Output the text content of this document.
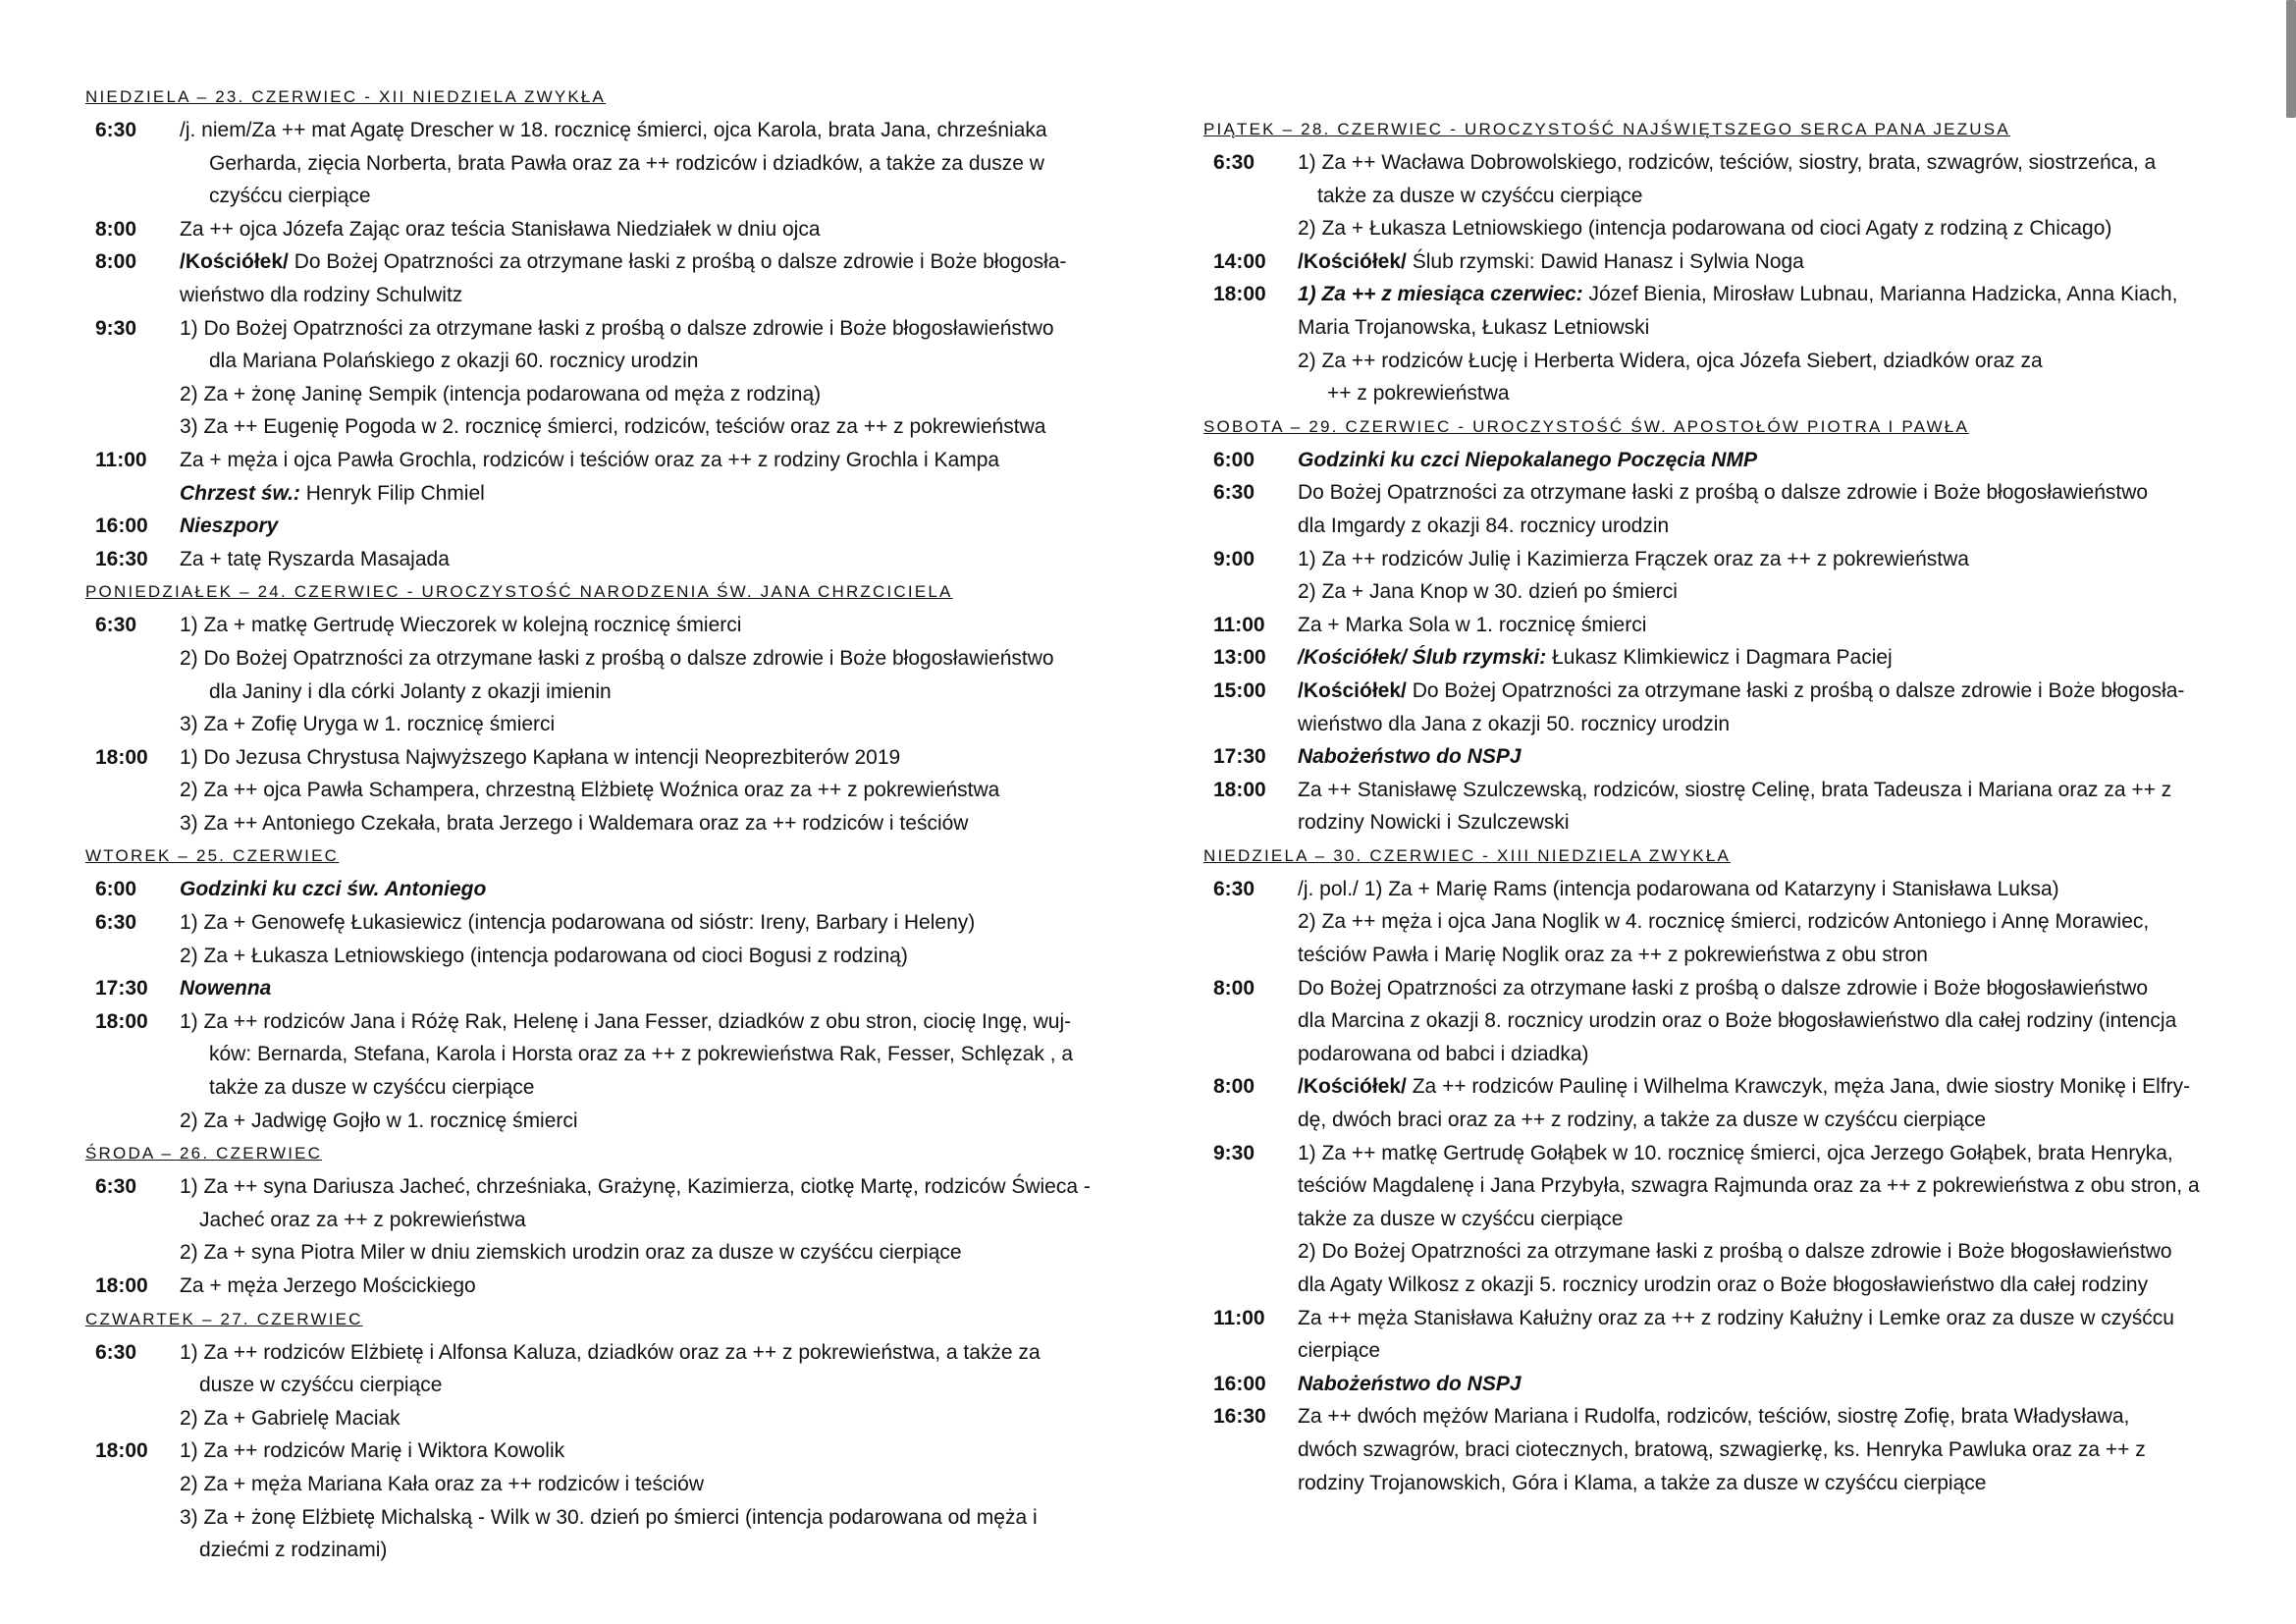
NIEDZIELA – 23. CZERWIEC - XII NIEDZIELA ZWYKŁA
6:30	/j. niem/Za ++ mat Agatę Drescher w 18. rocznicę śmierci, ojca Karola, brata Jana, chrześniaka
Gerharda, zięcia Norberta, brata Pawła oraz za ++ rodziców i dziadków, a także za dusze w
czyśćcu cierpiące
8:00	Za ++ ojca Józefa Zając oraz teścia Stanisława Niedziałek w dniu ojca
8:00	/Kościółek/ Do Bożej Opatrzności za otrzymane łaski z prośbą o dalsze zdrowie i Boże błogosła-
wieństwo dla rodziny Schulwitz
9:30	1) Do Bożej Opatrzności za otrzymane łaski z prośbą o dalsze zdrowie i Boże błogosławieństwo
dla Mariana Polańskiego z okazji 60. rocznicy urodzin
2) Za + żonę Janinę Sempik (intencja podarowana od męża z rodziną)
3) Za ++ Eugenię Pogoda w 2. rocznicę śmierci, rodziców, teściów oraz za ++ z pokrewieństwa
11:00	Za + męża i ojca Pawła Grochla, rodziców i teściów oraz za ++ z rodziny Grochla i Kampa
Chrzest św.: Henryk Filip Chmiel
16:00	Nieszpory
16:30	Za + tatę Ryszarda Masajada
PONIEDZIAŁEK – 24. CZERWIEC - UROCZYSTOŚĆ NARODZENIA ŚW. JANA CHRZCICIELA
6:30	1) Za + matkę Gertrudę Wieczorek w kolejną rocznicę śmierci
2) Do Bożej Opatrzności za otrzymane łaski z prośbą o dalsze zdrowie i Boże błogosławieństwo
dla Janiny i dla córki Jolanty z okazji imienin
3) Za + Zofię Uryga w 1. rocznicę śmierci
18:00	1) Do Jezusa Chrystusa Najwyższego Kapłana w intencji Neoprezbiterów 2019
2) Za ++ ojca Pawła Schampera, chrzestną Elżbietę Woźnica oraz za ++ z pokrewieństwa
3) Za ++ Antoniego Czekała, brata Jerzego i Waldemara oraz za ++ rodziców i teściów
WTOREK – 25. CZERWIEC
6:00	Godzinki ku czci św. Antoniego
6:30	1) Za + Genowefę Łukasiewicz (intencja podarowana od sióstr: Ireny, Barbary i Heleny)
2) Za + Łukasza Letniowskiego (intencja podarowana od cioci Bogusi z rodziną)
17:30	Nowenna
18:00	1) Za ++ rodziców Jana i Różę Rak, Helenę i Jana Fesser, dziadków z obu stron, ciocię Ingę, wuj-
ków: Bernarda, Stefana, Karola i Horsta oraz za ++ z pokrewieństwa Rak, Fesser, Schlęzak , a
także za dusze w czyśćcu cierpiące
2) Za + Jadwigę Gojło w 1. rocznicę śmierci
ŚRODA – 26. CZERWIEC
6:30	1) Za ++ syna Dariusza Jacheć, chrześniaka, Grażynę, Kazimierza, ciotkę Martę, rodziców Świeca -
Jacheć oraz za ++ z pokrewieństwa
2) Za + syna Piotra Miler w dniu ziemskich urodzin oraz za dusze w czyśćcu cierpiące
18:00	Za + męża Jerzego Mościckiego
CZWARTEK – 27. CZERWIEC
6:30	1) Za ++ rodziców Elżbietę i Alfonsa Kaluza, dziadków oraz za ++ z pokrewieństwa, a także za
dusze w czyśćcu cierpiące
2) Za + Gabrielę Maciak
18:00	1) Za ++ rodziców Marię i Wiktora Kowolik
2) Za + męża Mariana Kała oraz za ++ rodziców i teściów
3) Za + żonę Elżbietę Michalską - Wilk w 30. dzień po śmierci (intencja podarowana od męża i
dziećmi z rodzinami)
PIĄTEK – 28. CZERWIEC - UROCZYSTOŚĆ NAJŚWIĘTSZEGO SERCA PANA JEZUSA
6:30	1) Za ++ Wacława Dobrowolskiego, rodziców, teściów, siostry, brata, szwagrów, siostrzeńca, a
także za dusze w czyśćcu cierpiące
2) Za + Łukasza Letniowskiego (intencja podarowana od cioci Agaty z rodziną z Chicago)
14:00	/Kościółek/ Ślub rzymski: Dawid Hanasz i Sylwia Noga
18:00	1) Za ++ z miesiąca czerwiec: Józef Bienia, Mirosław Lubnau, Marianna Hadzicka, Anna Kiach,
Maria Trojanowska, Łukasz Letniowski
2) Za ++ rodziców Łucję i Herberta Widera, ojca Józefa Siebert, dziadków oraz za
++ z pokrewieństwa
SOBOTA – 29. CZERWIEC - UROCZYSTOŚĆ ŚW. APOSTOŁÓW PIOTRA I PAWŁA
6:00	Godzinki ku czci Niepokalanego Poczęcia NMP
6:30	Do Bożej Opatrzności za otrzymane łaski z prośbą o dalsze zdrowie i Boże błogosławieństwo
dla Imgardy z okazji 84. rocznicy urodzin
9:00	1) Za ++ rodziców Julię i Kazimierza Frączek oraz za ++ z pokrewieństwa
2) Za + Jana Knop w 30. dzień po śmierci
11:00	Za + Marka Sola w 1. rocznicę śmierci
13:00	/Kościółek/ Ślub rzymski: Łukasz Klimkiewicz i Dagmara Paciej
15:00	/Kościółek/ Do Bożej Opatrzności za otrzymane łaski z prośbą o dalsze zdrowie i Boże błogosła-
wieństwo dla Jana z okazji 50. rocznicy urodzin
17:30	Nabożeństwo do NSPJ
18:00	Za ++ Stanisławę Szulczewską, rodziców, siostrę Celinę, brata Tadeusza i Mariana oraz za ++ z
rodziny Nowicki i Szulczewski
NIEDZIELA – 30. CZERWIEC - XIII NIEDZIELA ZWYKŁA
6:30	/j. pol./ 1) Za + Marię Rams (intencja podarowana od Katarzyny i Stanisława Luksa)
2) Za ++ męża i ojca Jana Noglik w 4. rocznicę śmierci, rodziców Antoniego i Annę Morawiec,
teściów Pawła i Marię Noglik oraz za ++ z pokrewieństwa z obu stron
8:00	Do Bożej Opatrzności za otrzymane łaski z prośbą o dalsze zdrowie i Boże błogosławieństwo
dla Marcina z okazji 8. rocznicy urodzin oraz o Boże błogosławieństwo dla całej rodziny (intencja
podarowana od babci i dziadka)
8:00	/Kościółek/ Za ++ rodziców Paulinę i Wilhelma Krawczyk, męża Jana, dwie siostry Monikę i Elfry-
dę, dwóch braci oraz za ++ z rodziny, a także za dusze w czyśćcu cierpiące
9:30	1) Za ++ matkę Gertrudę Gołąbek w 10. rocznicę śmierci, ojca Jerzego Gołąbek, brata Henryka,
teściów Magdalenę i Jana Przybyła, szwagra Rajmunda oraz za ++ z pokrewieństwa z obu stron, a
także za dusze w czyśćcu cierpiące
2) Do Bożej Opatrzności za otrzymane łaski z prośbą o dalsze zdrowie i Boże błogosławieństwo
dla Agaty Wilkosz z okazji 5. rocznicy urodzin oraz o Boże błogosławieństwo dla całej rodziny
11:00	Za ++ męża Stanisława Kałużny oraz za ++ z rodziny Kałużny i Lemke oraz za dusze w czyśćcu
cierpiące
16:00	Nabożeństwo do NSPJ
16:30	Za ++ dwóch mężów Mariana i Rudolfa, rodziców, teściów, siostrę Zofię, brata Władysława,
dwóch szwagrów, braci ciotecznych, bratową, szwagierkę, ks. Henryka Pawluka oraz za ++ z
rodziny Trojanowskich, Góra i Klama, a także za dusze w czyśćcu cierpiące
